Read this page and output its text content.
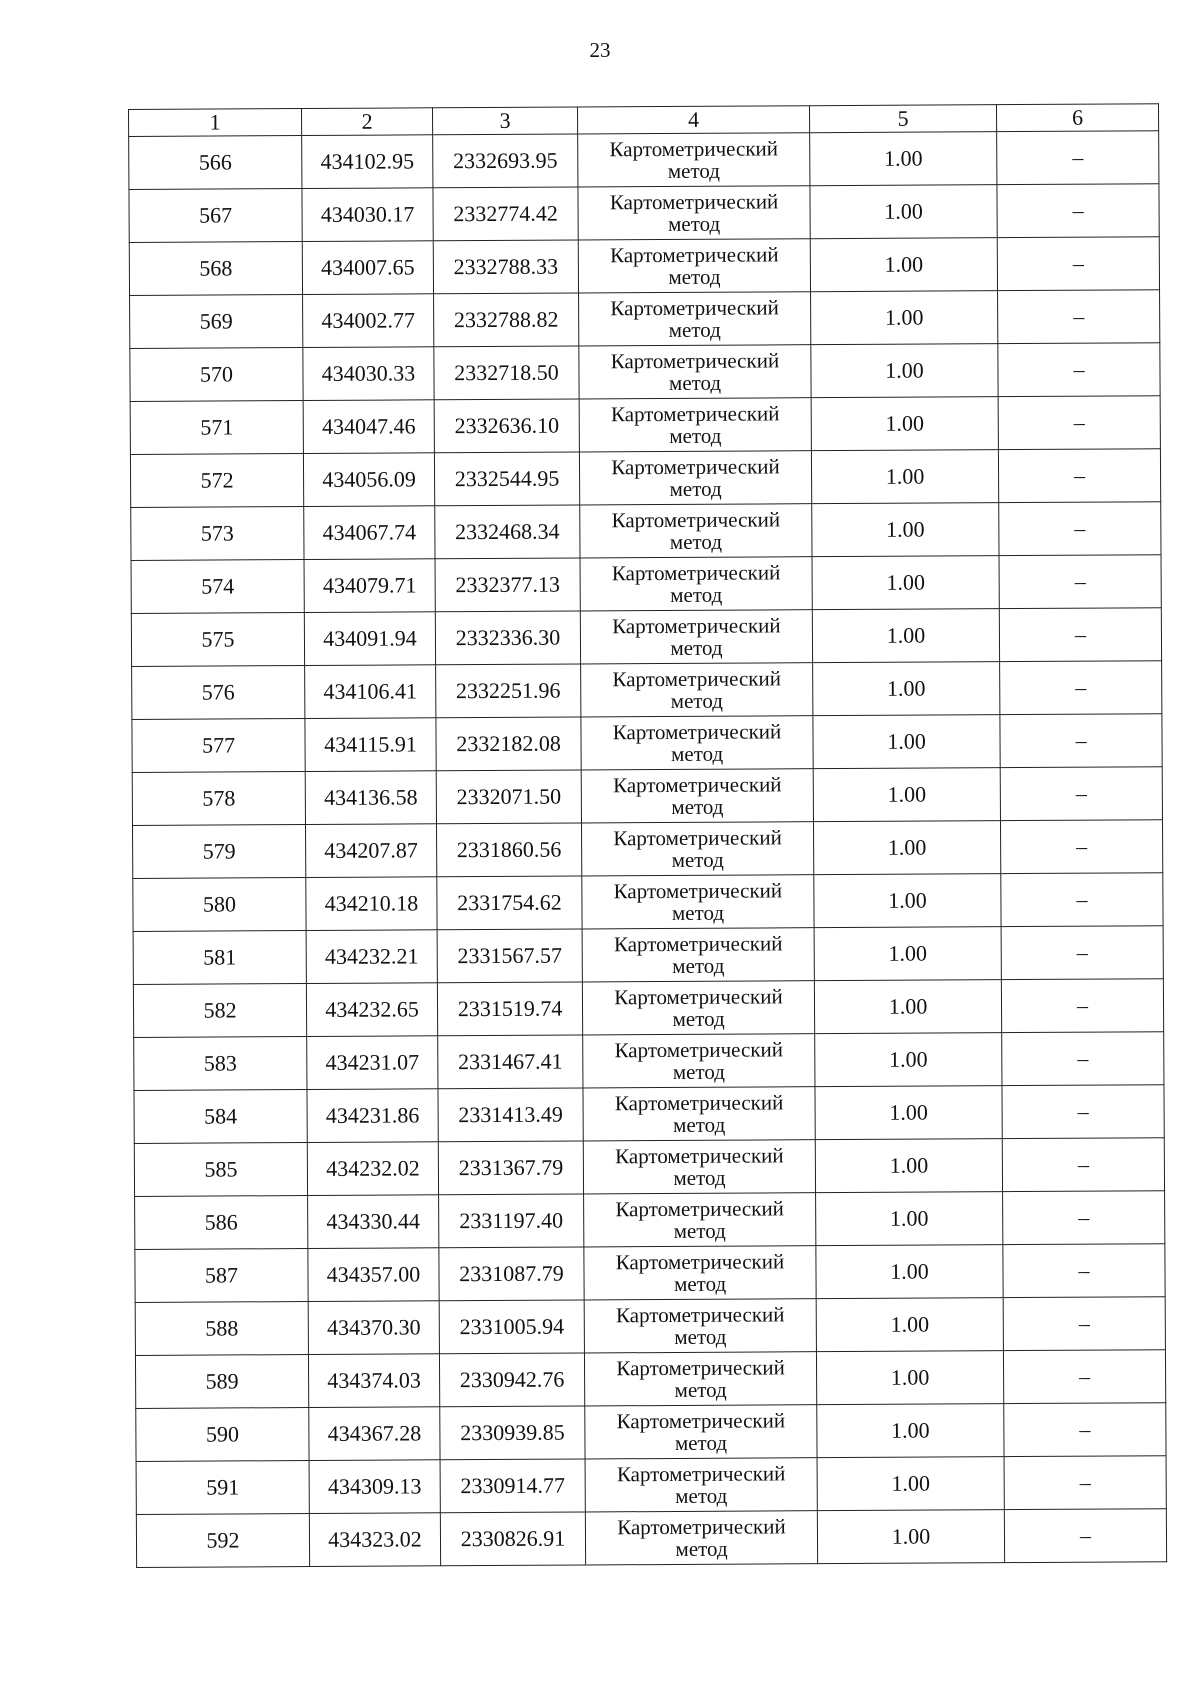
23
1	2	3	4	5	6
566	434102.95	2332693.95	Картометрический
метод	1.00	–
567	434030.17	2332774.42	Картометрический
метод	1.00	–
568	434007.65	2332788.33	Картометрический
метод	1.00	–
569	434002.77	2332788.82	Картометрический
метод	1.00	–
570	434030.33	2332718.50	Картометрический
метод	1.00	–
571	434047.46	2332636.10	Картометрический
метод	1.00	–
572	434056.09	2332544.95	Картометрический
метод	1.00	–
573	434067.74	2332468.34	Картометрический
метод	1.00	–
574	434079.71	2332377.13	Картометрический
метод	1.00	–
575	434091.94	2332336.30	Картометрический
метод	1.00	–
576	434106.41	2332251.96	Картометрический
метод	1.00	–
577	434115.91	2332182.08	Картометрический
метод	1.00	–
578	434136.58	2332071.50	Картометрический
метод	1.00	–
579	434207.87	2331860.56	Картометрический
метод	1.00	–
580	434210.18	2331754.62	Картометрический
метод	1.00	–
581	434232.21	2331567.57	Картометрический
метод	1.00	–
582	434232.65	2331519.74	Картометрический
метод	1.00	–
583	434231.07	2331467.41	Картометрический
метод	1.00	–
584	434231.86	2331413.49	Картометрический
метод	1.00	–
585	434232.02	2331367.79	Картометрический
метод	1.00	–
586	434330.44	2331197.40	Картометрический
метод	1.00	–
587	434357.00	2331087.79	Картометрический
метод	1.00	–
588	434370.30	2331005.94	Картометрический
метод	1.00	–
589	434374.03	2330942.76	Картометрический
метод	1.00	–
590	434367.28	2330939.85	Картометрический
метод	1.00	–
591	434309.13	2330914.77	Картометрический
метод	1.00	–
592	434323.02	2330826.91	Картометрический
метод	1.00	–
